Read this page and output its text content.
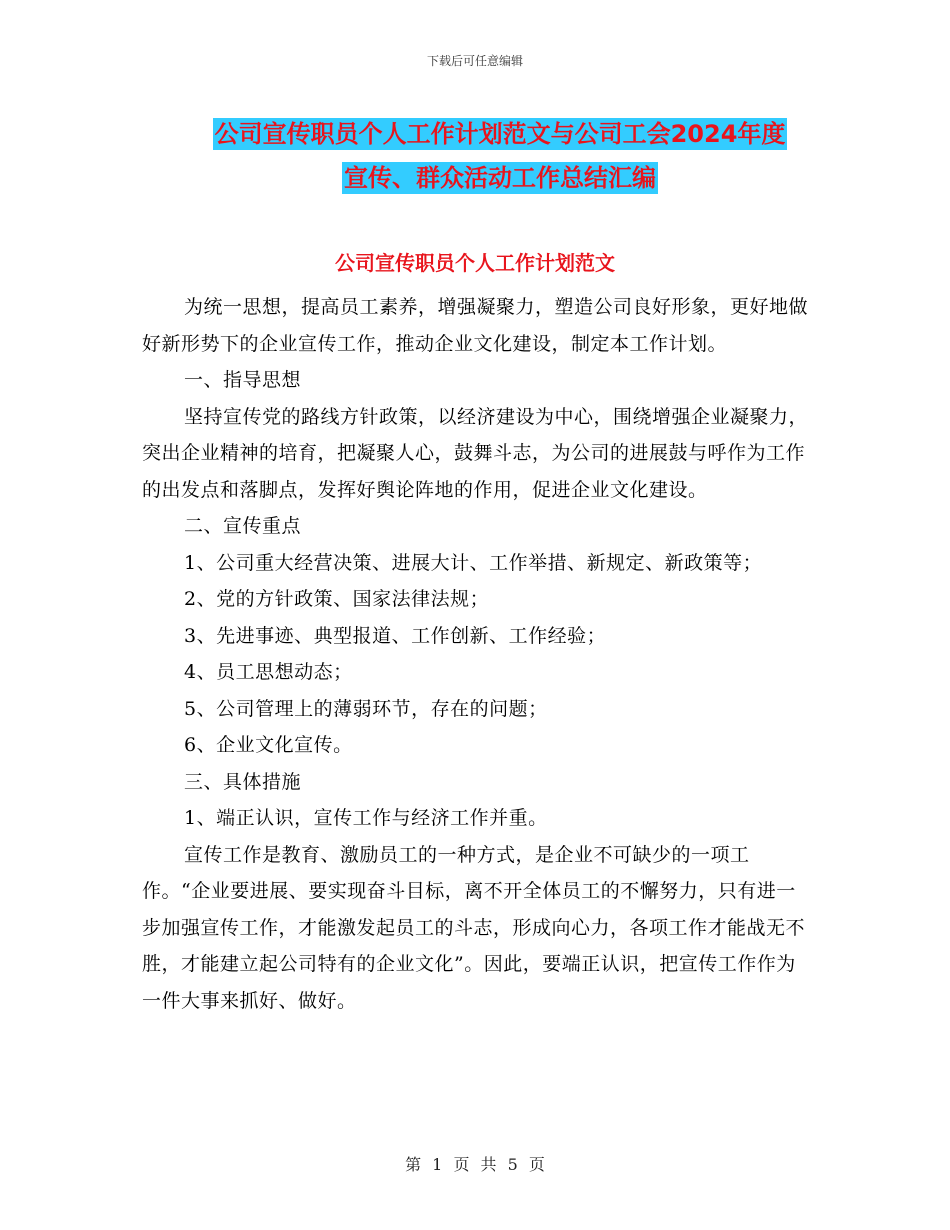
下载后可任意编辑
公司宣传职员个人工作计划范文与公司工会2024年度
宣传、群众活动工作总结汇编
公司宣传职员个人工作计划范文

为统一思想，提高员工素养，增强凝聚力，塑造公司良好形象，更好地做好新形势下的企业宣传工作，推动企业文化建设，制定本工作计划。

一、指导思想

坚持宣传党的路线方针政策，以经济建设为中心，围绕增强企业凝聚力，突出企业精神的培育，把凝聚人心，鼓舞斗志，为公司的进展鼓与呼作为工作的出发点和落脚点，发挥好舆论阵地的作用，促进企业文化建设。

二、宣传重点

1、公司重大经营决策、进展大计、工作举措、新规定、新政策等；

2、党的方针政策、国家法律法规；

3、先进事迹、典型报道、工作创新、工作经验；

4、员工思想动态；

5、公司管理上的薄弱环节，存在的问题；

6、企业文化宣传。

三、具体措施

1、端正认识，宣传工作与经济工作并重。

宣传工作是教育、激励员工的一种方式，是企业不可缺少的一项工作。“企业要进展、要实现奋斗目标，离不开全体员工的不懈努力，只有进一步加强宣传工作，才能激发起员工的斗志，形成向心力，各项工作才能战无不胜，才能建立起公司特有的企业文化”。因此，要端正认识，把宣传工作作为一件大事来抓好、做好。

第 1 页 共 5 页
